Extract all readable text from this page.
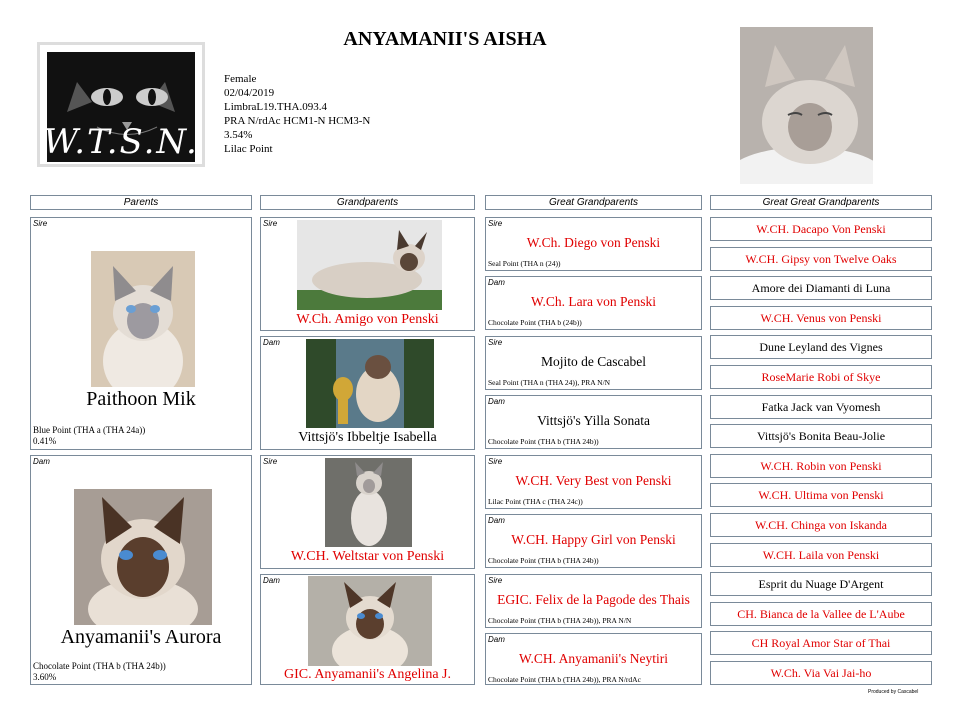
ANYAMANII'S AISHA
W.T.S.N.
Female
02/04/2019
LimbraL19.THA.093.4
PRA N/rdAc HCM1-N HCM3-N
3.54%
Lilac Point
Parents	Grandparents	Great Grandparents	Great Great Grandparents
Sire
Paithoon Mik
Blue Point (THA a (THA 24a))
0.41%
Dam
Anyamanii's Aurora
Chocolate Point (THA b (THA 24b))
3.60%
Sire
W.Ch. Amigo von Penski
Dam
Vittsjö's Ibbeltje Isabella
Sire
W.CH. Weltstar von Penski
Dam
GIC. Anyamanii's Angelina J.
Sire
W.Ch. Diego von Penski
Seal Point (THA n (24))
Dam
W.Ch. Lara von Penski
Chocolate Point (THA b (24b))
Sire
Mojito de Cascabel
Seal Point (THA n (THA 24)), PRA N/N
Dam
Vittsjö's Yilla Sonata
Chocolate Point (THA b (THA 24b))
Sire
W.CH. Very Best von Penski
Lilac Point (THA c (THA 24c))
Dam
W.CH. Happy Girl von Penski
Chocolate Point (THA b (THA 24b))
Sire
EGIC. Felix de la Pagode des Thais
Chocolate Point (THA b (THA 24b)), PRA N/N
Dam
W.CH. Anyamanii's Neytiri
Chocolate Point (THA b (THA 24b)), PRA N/rdAc
W.CH. Dacapo Von Penski
W.CH. Gipsy von Twelve Oaks
Amore dei Diamanti di Luna
W.CH. Venus von Penski
Dune Leyland des Vignes
RoseMarie Robi of Skye
Fatka Jack van Vyomesh
Vittsjö's Bonita Beau-Jolie
W.CH. Robin von Penski
W.CH. Ultima von Penski
W.CH. Chinga von Iskanda
W.CH. Laila von Penski
Esprit du Nuage D'Argent
CH. Bianca de la Vallee de L'Aube
CH Royal Amor Star of Thai
W.Ch. Via Vai Jai-ho
Produced by Cascabel
